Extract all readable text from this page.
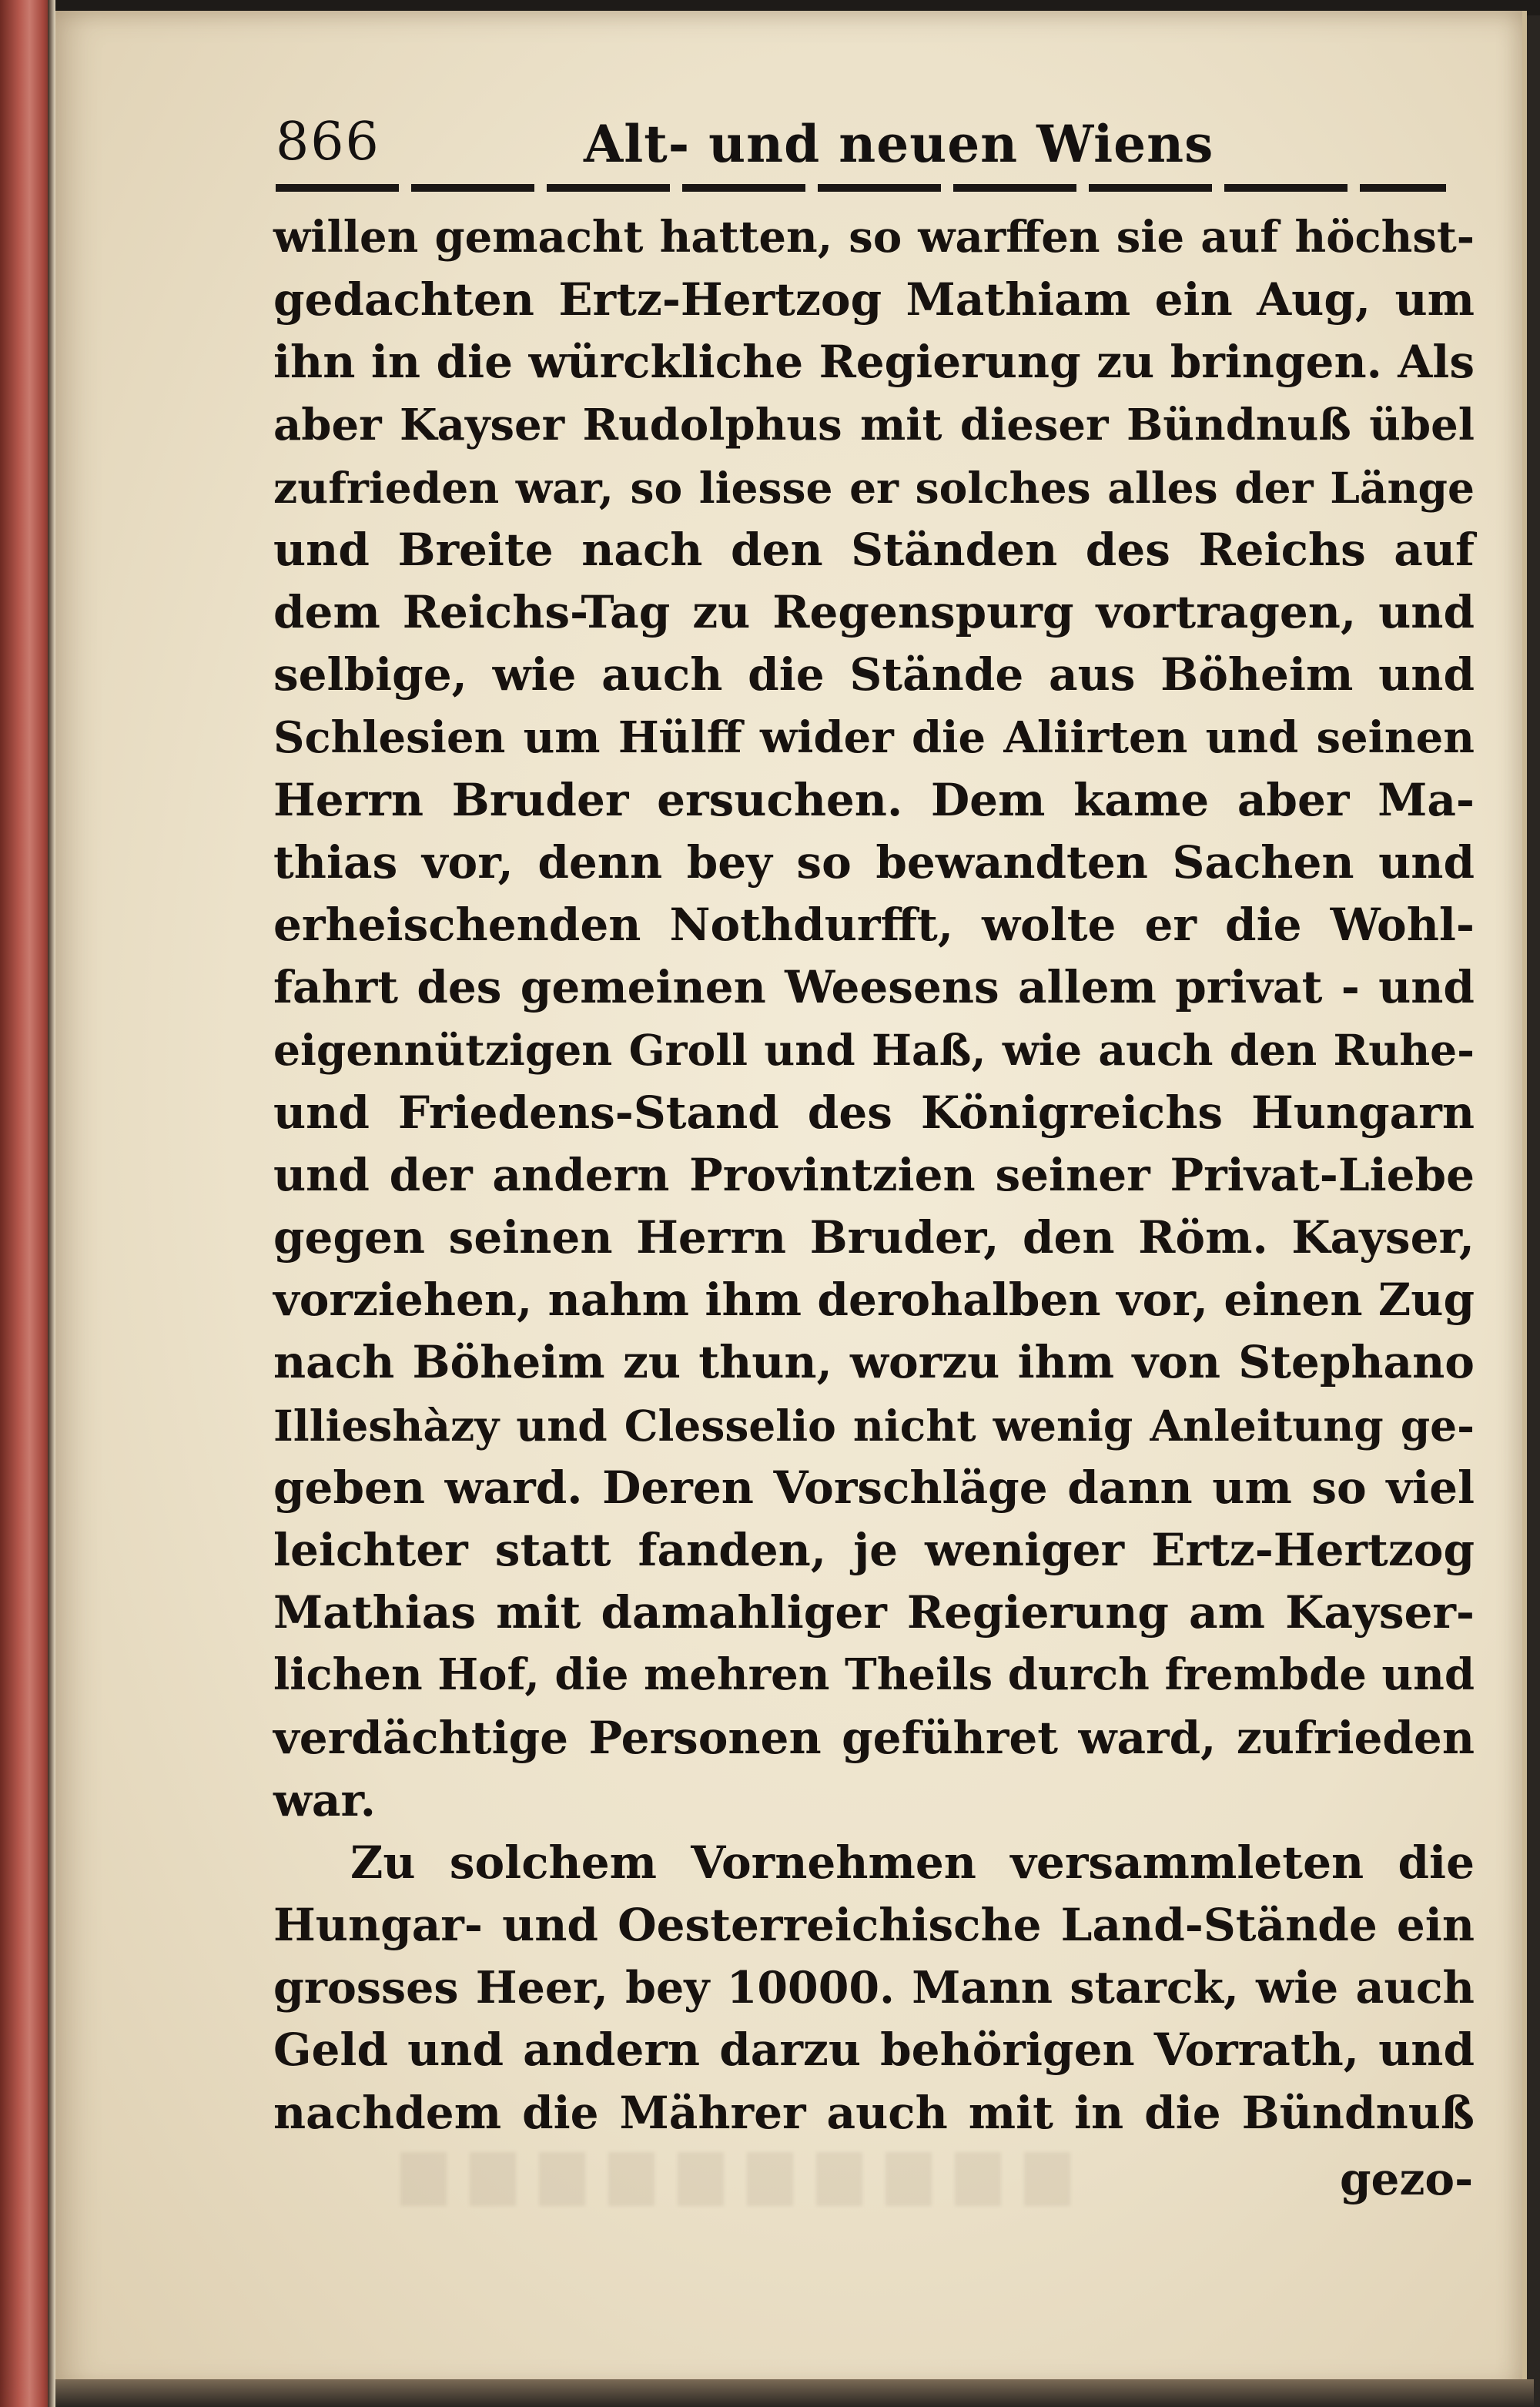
866	Alt- und neuen Wiens
willen gemacht hatten, so warffen sie auf höchst-
gedachten Ertz-Hertzog Mathiam ein Aug, um
ihn in die würckliche Regierung zu bringen. Als
aber Kayser Rudolphus mit dieser Bündnuß übel
zufrieden war, so liesse er solches alles der Länge
und Breite nach den Ständen des Reichs auf
dem Reichs-Tag zu Regenspurg vortragen, und
selbige, wie auch die Stände aus Böheim und
Schlesien um Hülff wider die Aliirten und seinen
Herrn Bruder ersuchen. Dem kame aber Ma-
thias vor, denn bey so bewandten Sachen und
erheischenden Nothdurfft, wolte er die Wohl-
fahrt des gemeinen Weesens allem privat - und
eigennützigen Groll und Haß, wie auch den Ruhe-
und Friedens-Stand des Königreichs Hungarn
und der andern Provintzien seiner Privat-Liebe
gegen seinen Herrn Bruder, den Röm. Kayser,
vorziehen, nahm ihm derohalben vor, einen Zug
nach Böheim zu thun, worzu ihm von Stephano
Illieshàzy und Clesselio nicht wenig Anleitung ge-
geben ward. Deren Vorschläge dann um so viel
leichter statt fanden, je weniger Ertz-Hertzog
Mathias mit damahliger Regierung am Kayser-
lichen Hof, die mehren Theils durch frembde und
verdächtige Personen geführet ward, zufrieden
war.
Zu solchem Vornehmen versammleten die
Hungar- und Oesterreichische Land-Stände ein
grosses Heer, bey 10000. Mann starck, wie auch
Geld und andern darzu behörigen Vorrath, und
nachdem die Mährer auch mit in die Bündnuß
gezo-
